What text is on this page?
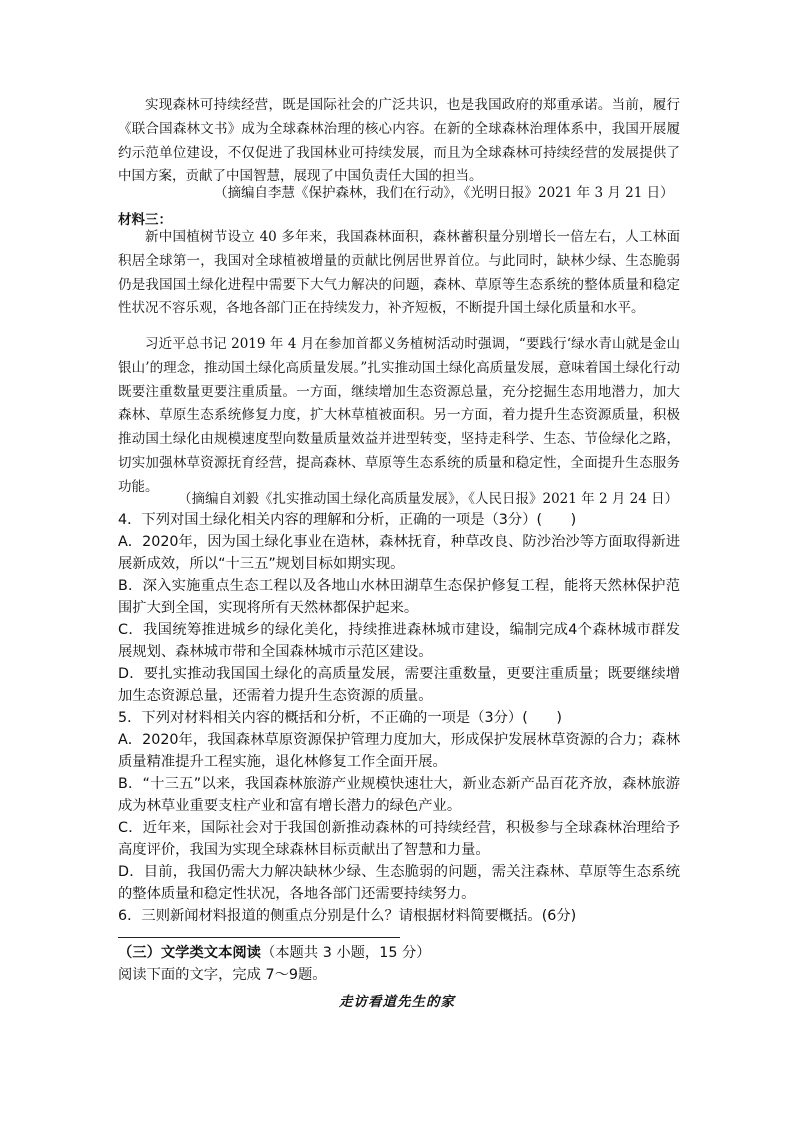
实现森林可持续经营，既是国际社会的广泛共识，也是我国政府的郑重承诺。当前，履行《联合国森林文书》成为全球森林治理的核心内容。在新的全球森林治理体系中，我国开展履约示范单位建设，不仅促进了我国林业可持续发展，而且为全球森林可持续经营的发展提供了中国方案，贡献了中国智慧，展现了中国负责任大国的担当。

（摘编自李慧《保护森林，我们在行动》，《光明日报》2021 年 3 月 21 日）
材料三：

新中国植树节设立 40 多年来，我国森林面积，森林蓄积量分别增长一倍左右，人工林面积居全球第一，我国对全球植被增量的贡献比例居世界首位。与此同时，缺林少绿、生态脆弱仍是我国国土绿化进程中需要下大气力解决的问题，森林、草原等生态系统的整体质量和稳定性状况不容乐观，各地各部门正在持续发力，补齐短板，不断提升国土绿化质量和水平。

习近平总书记 2019 年 4 月在参加首都义务植树活动时强调，“要践行‘绿水青山就是金山银山’的理念，推动国土绿化高质量发展。”扎实推动国土绿化高质量发展，意味着国土绿化行动既要注重数量更要注重质量。一方面，继续增加生态资源总量，充分挖掘生态用地潜力，加大森林、草原生态系统修复力度，扩大林草植被面积。另一方面，着力提升生态资源质量，积极推动国土绿化由规模速度型向数量质量效益并进型转变，坚持走科学、生态、节俭绿化之路，切实加强林草资源抚育经营，提高森林、草原等生态系统的质量和稳定性，全面提升生态服务功能。

（摘编自刘毅《扎实推动国土绿化高质量发展》，《人民日报》2021 年 2 月 24 日）

4．下列对国土绿化相关内容的理解和分析，正确的一项是（3分）(　　)

A．2020年，因为国土绿化事业在造林，森林抚育，种草改良、防沙治沙等方面取得新进展新成效，所以“十三五”规划目标如期实现。

B．深入实施重点生态工程以及各地山水林田湖草生态保护修复工程，能将天然林保护范围扩大到全国，实现将所有天然林都保护起来。

C．我国统筹推进城乡的绿化美化，持续推进森林城市建设，编制完成4个森林城市群发展规划、森林城市带和全国森林城市示范区建设。

D．要扎实推动我国国土绿化的高质量发展，需要注重数量，更要注重质量；既要继续增加生态资源总量，还需着力提升生态资源的质量。

5．下列对材料相关内容的概括和分析，不正确的一项是（3分）(　　)

A．2020年，我国森林草原资源保护管理力度加大，形成保护发展林草资源的合力；森林质量精准提升工程实施，退化林修复工作全面开展。

B．“十三五”以来，我国森林旅游产业规模快速壮大，新业态新产品百花齐放，森林旅游成为林草业重要支柱产业和富有增长潜力的绿色产业。

C．近年来，国际社会对于我国创新推动森林的可持续经营，积极参与全球森林治理给予高度评价，我国为实现全球森林目标贡献出了智慧和力量。

D．目前，我国仍需大力解决缺林少绿、生态脆弱的问题，需关注森林、草原等生态系统的整体质量和稳定性状况，各地各部门还需要持续努力。

6．三则新闻材料报道的侧重点分别是什么？请根据材料简要概括。(6分)

（三）文学类文本阅读（本题共 3 小题，15 分）
阅读下面的文字，完成 7～9题。
走访看道先生的家
